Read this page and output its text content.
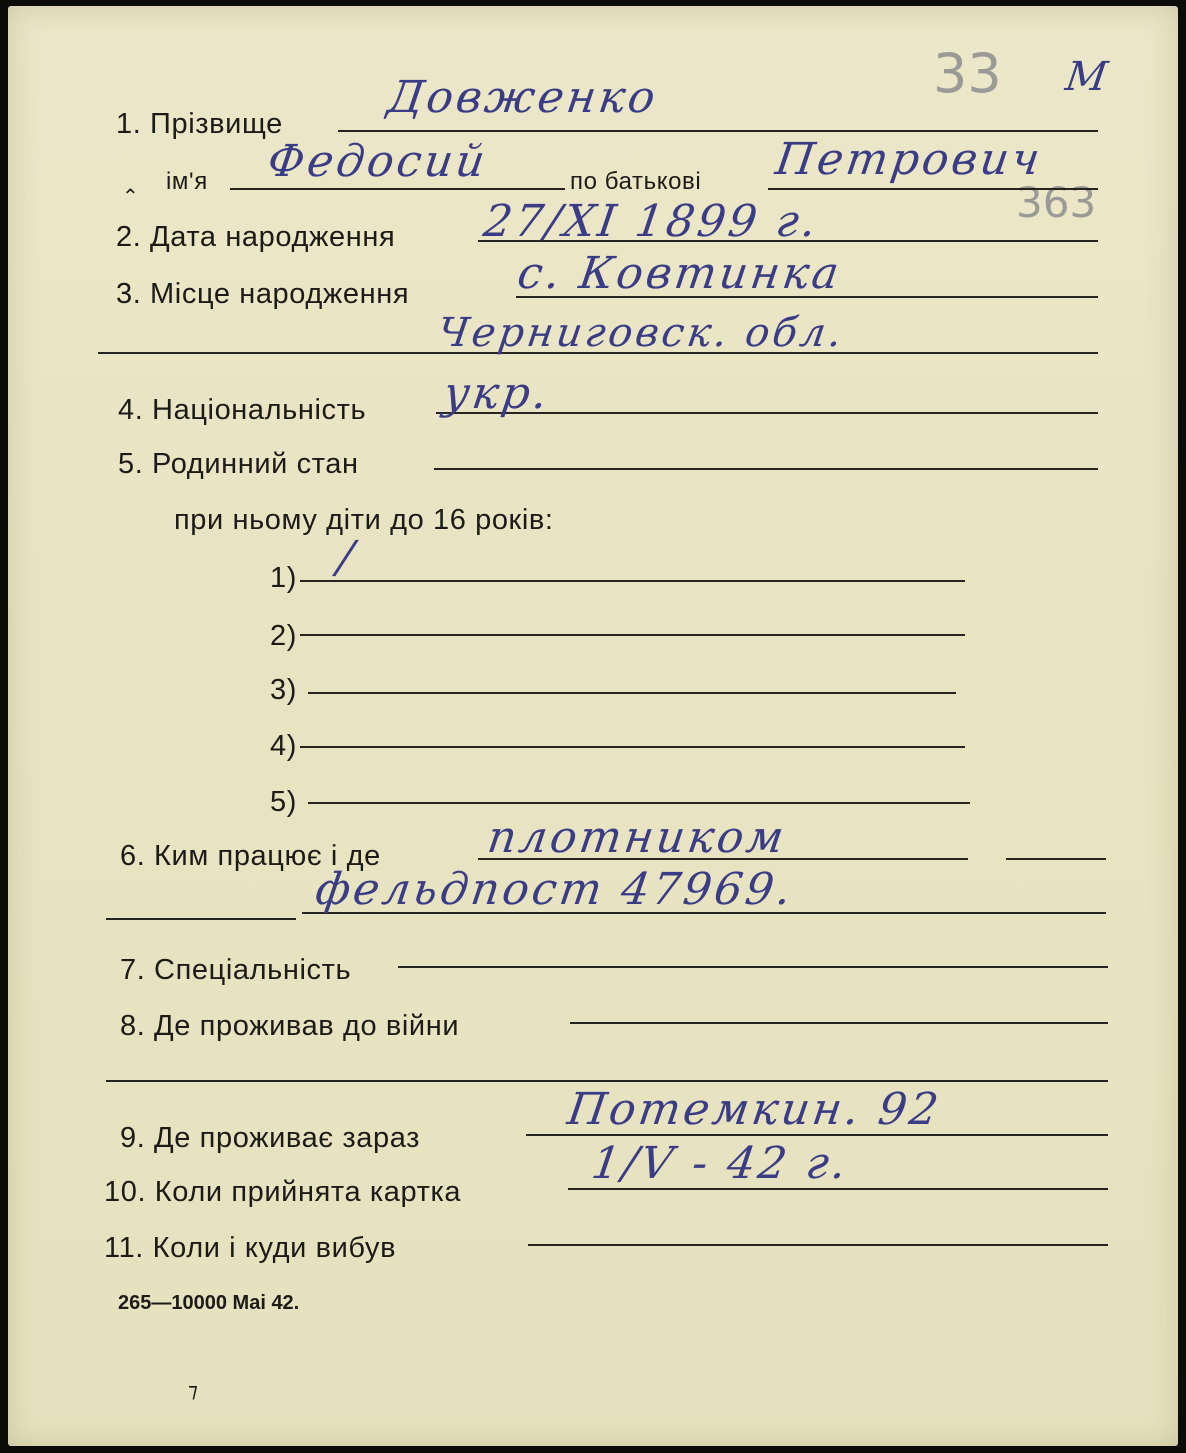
33 М
363
1. Прізвище
Довженко
ім'я Федосий	по батькові Петрович
2. Дата народження 27/XI 1899 г.
3. Місце народження с. Ковтинка
Черниговск. обл.
4. Національність укр.
5. Родинний стан
при ньому діти до 16 років:
1) /
2)
3)
4)
5)
6. Ким працює і де плотником
фельдпост 47969.
7. Спеціальність
8. Де проживав до війни
9. Де проживає зараз
Потемкин. 92
10. Коли прийнята картка
1/V - 42 г.
11. Коли і куди вибув
265—10000 Mai 42.
⌃
⁊
